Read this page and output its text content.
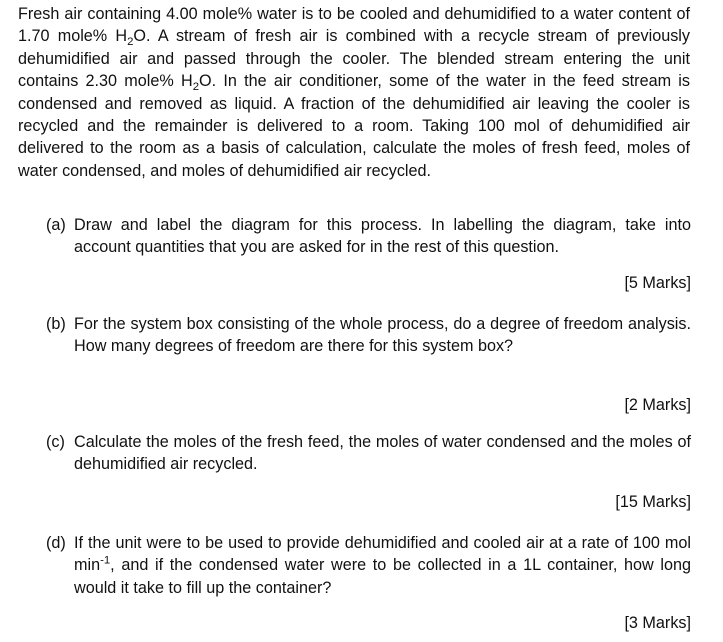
Fresh air containing 4.00 mole% water is to be cooled and dehumidified to a water content of 1.70 mole% $H_2O$. A stream of fresh air is combined with a recycle stream of previously dehumidified air and passed through the cooler. The blended stream entering the unit contains 2.30 mole% $H_2O$. In the air conditioner, some of the water in the feed stream is condensed and removed as liquid. A fraction of the dehumidified air leaving the cooler is recycled and the remainder is delivered to a room. Taking 100 mol of dehumidified air delivered to the room as a basis of calculation, calculate the moles of fresh feed, moles of water condensed, and moles of dehumidified air recycled.

(a) Draw and label the diagram for this process. In labelling the diagram, take into account quantities that you are asked for in the rest of this question.

[5 Marks]

(b) For the system box consisting of the whole process, do a degree of freedom analysis. How many degrees of freedom are there for this system box?

[2 Marks]

(c) Calculate the moles of the fresh feed, the moles of water condensed and the moles of dehumidified air recycled.

[15 Marks]

(d) If the unit were to be used to provide dehumidified and cooled air at a rate of 100 mol $\min^{-1}$, and if the condensed water were to be collected in a 1L container, how long would it take to fill up the container?

[3 Marks]
